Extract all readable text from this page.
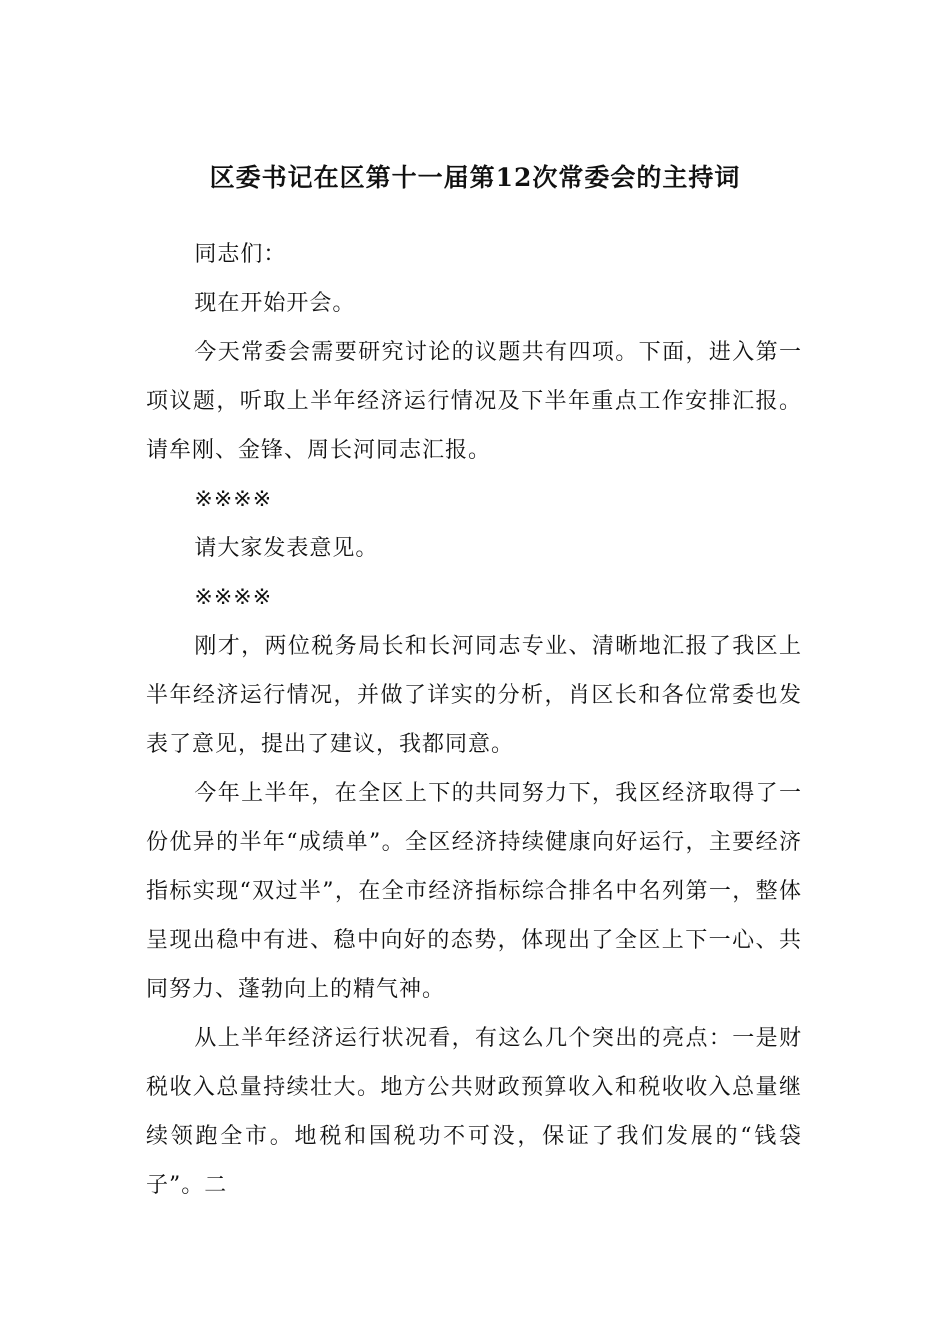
区委书记在区第十一届第12次常委会的主持词

同志们：

现在开始开会。

今天常委会需要研究讨论的议题共有四项。下面，进入第一项议题，听取上半年经济运行情况及下半年重点工作安排汇报。请牟刚、金锋、周长河同志汇报。

※※※※

请大家发表意见。

※※※※

刚才，两位税务局长和长河同志专业、清晰地汇报了我区上半年经济运行情况，并做了详实的分析，肖区长和各位常委也发表了意见，提出了建议，我都同意。

今年上半年，在全区上下的共同努力下，我区经济取得了一份优异的半年“成绩单”。全区经济持续健康向好运行，主要经济指标实现“双过半”，在全市经济指标综合排名中名列第一，整体呈现出稳中有进、稳中向好的态势，体现出了全区上下一心、共同努力、蓬勃向上的精气神。

从上半年经济运行状况看，有这么几个突出的亮点：一是财税收入总量持续壮大。地方公共财政预算收入和税收收入总量继续领跑全市。地税和国税功不可没，保证了我们发展的“钱袋子”。二
